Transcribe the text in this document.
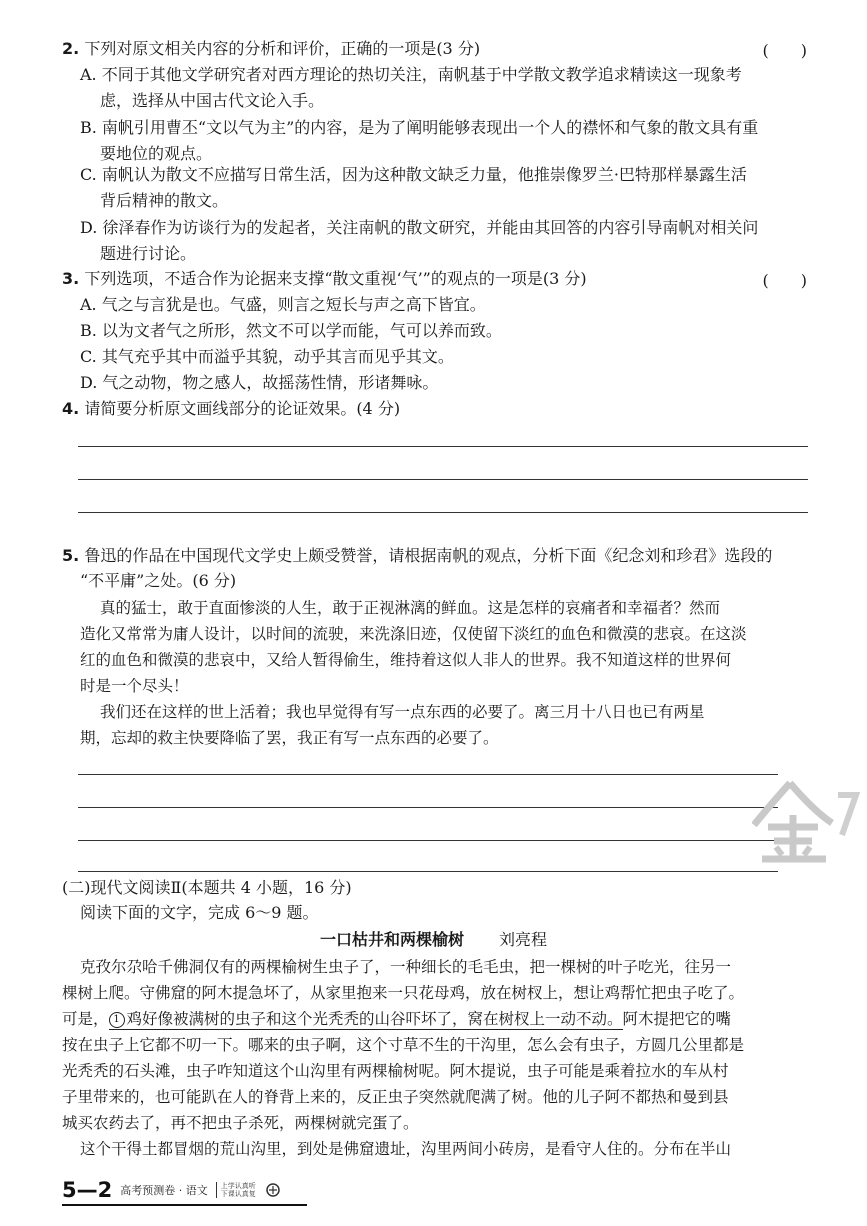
2. 下列对原文相关内容的分析和评价，正确的一项是(3 分)	(　　)
A. 不同于其他文学研究者对西方理论的热切关注，南帆基于中学散文教学追求精读这一现象考
虑，选择从中国古代文论入手。
B. 南帆引用曹丕“文以气为主”的内容，是为了阐明能够表现出一个人的襟怀和气象的散文具有重
要地位的观点。
C. 南帆认为散文不应描写日常生活，因为这种散文缺乏力量，他推崇像罗兰·巴特那样暴露生活
背后精神的散文。
D. 徐泽春作为访谈行为的发起者，关注南帆的散文研究，并能由其回答的内容引导南帆对相关问
题进行讨论。
3. 下列选项，不适合作为论据来支撑“散文重视‘气’”的观点的一项是(3 分)	(　　)
A. 气之与言犹是也。气盛，则言之短长与声之高下皆宜。
B. 以为文者气之所形，然文不可以学而能，气可以养而致。
C. 其气充乎其中而溢乎其貌，动乎其言而见乎其文。
D. 气之动物，物之感人，故摇荡性情，形诸舞咏。
4. 请简要分析原文画线部分的论证效果。(4 分)
5. 鲁迅的作品在中国现代文学史上颇受赞誉，请根据南帆的观点，分析下面《纪念刘和珍君》选段的
“不平庸”之处。(6 分)
真的猛士，敢于直面惨淡的人生，敢于正视淋漓的鲜血。这是怎样的哀痛者和幸福者？然而
造化又常常为庸人设计，以时间的流驶，来洗涤旧迹，仅使留下淡红的血色和微漠的悲哀。在这淡
红的血色和微漠的悲哀中，又给人暂得偷生，维持着这似人非人的世界。我不知道这样的世界何
时是一个尽头！
我们还在这样的世上活着；我也早觉得有写一点东西的必要了。离三月十八日也已有两星
期，忘却的救主快要降临了罢，我正有写一点东西的必要了。
(二)现代文阅读Ⅱ(本题共 4 小题，16 分)
阅读下面的文字，完成 6～9 题。
一口枯井和两棵榆树 刘亮程
克孜尔尕哈千佛洞仅有的两棵榆树生虫子了，一种细长的毛毛虫，把一棵树的叶子吃光，往另一
棵树上爬。守佛窟的阿木提急坏了，从家里抱来一只花母鸡，放在树杈上，想让鸡帮忙把虫子吃了。
可是， 1 鸡好像被满树的虫子和这个光秃秃的山谷吓坏了，窝在树杈上一动不动。阿木提把它的嘴
按在虫子上它都不叨一下。哪来的虫子啊，这个寸草不生的干沟里，怎么会有虫子，方圆几公里都是
光秃秃的石头滩，虫子咋知道这个山沟里有两棵榆树呢。阿木提说，虫子可能是乘着拉水的车从村
子里带来的，也可能趴在人的脊背上来的，反正虫子突然就爬满了树。他的儿子阿不都热和曼到县
城买农药去了，再不把虫子杀死，两棵树就完蛋了。
这个干得土都冒烟的荒山沟里，到处是佛窟遗址，沟里两间小砖房，是看守人住的。分布在半山
5—2 高考预测卷 · 语文	上学认真听
下课认真复
